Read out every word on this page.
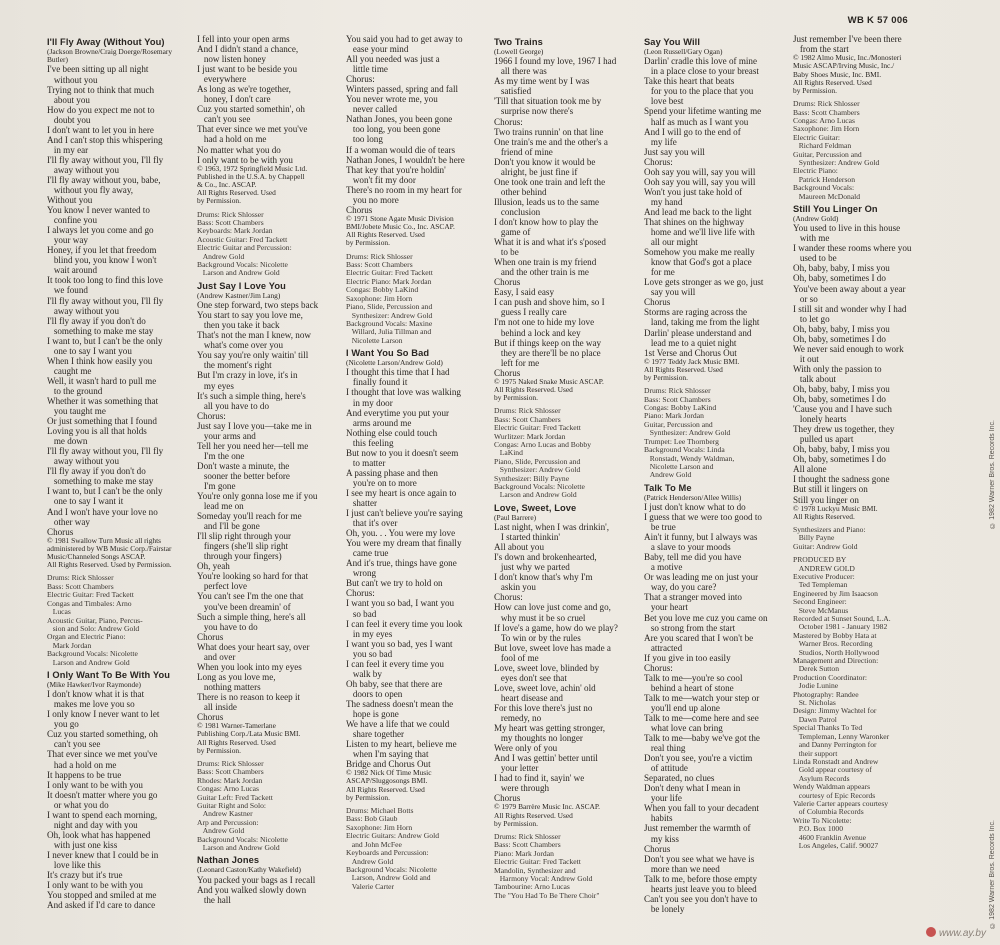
WB K 57 006
I'll Fly Away (Without You)
(Jackson Browne/Craig Doerge/Rosemary Butler)
I've been sitting up all night
without you
Trying not to think that much
about you
How do you expect me not to
doubt you
I don't want to let you in here
And I can't stop this whispering
in my ear
I'll fly away without you, I'll fly
away without you
I'll fly away without you, babe,
without you fly away,
Without you
You know I never wanted to
confine you
I always let you come and go
your way
Honey, if you let that freedom
blind you, you know I won't
wait around
It took too long to find this love
we found
I'll fly away without you, I'll fly
away without you
I'll fly away if you don't do
something to make me stay
I want to, but I can't be the only
one to say I want you
When I think how easily you
caught me
Well, it wasn't hard to pull me
to the ground
Whether it was something that
you taught me
Or just something that I found
Loving you is all that holds
me down
I'll fly away without you, I'll fly
away without you
I'll fly away if you don't do
something to make me stay
I want to, but I can't be the only
one to say I want it
And I won't have your love no
other way
Chorus
© 1981 Swallow Turn Music all rights administered by WB Music Corp./Fairstar Music/Channeled Songs ASCAP.
All Rights Reserved. Used by Permission.
Drums: Rick Shlosser
Bass: Scott Chambers
Electric Guitar: Fred Tackett
Congas and Timbales: Arno
Lucas
Acoustic Guitar, Piano, Percus-
sion and Solo: Andrew Gold
Organ and Electric Piano:
Mark Jordan
Background Vocals: Nicolette
Larson and Andrew Gold
I Only Want To Be With You
(Mike Hawker/Ivor Raymonde)
I don't know what it is that
makes me love you so
I only know I never want to let
you go
Cuz you started something, oh
can't you see
That ever since we met you've
had a hold on me
It happens to be true
I only want to be with you
It doesn't matter where you go
or what you do
I want to spend each morning,
night and day with you
Oh, look what has happened
with just one kiss
I never knew that I could be in
love like this
It's crazy but it's true
I only want to be with you
You stopped and smiled at me
And asked if I'd care to dance
I fell into your open arms
And I didn't stand a chance,
now listen honey
I just want to be beside you
everywhere
As long as we're together,
honey, I don't care
Cuz you started somethin', oh
can't you see
That ever since we met you've
had a hold on me
No matter what you do
I only want to be with you
© 1963, 1972 Springfield Music Ltd.
Published in the U.S.A. by Chappell
& Co., Inc. ASCAP.
All Rights Reserved. Used
by Permission.
Drums: Rick Shlosser
Bass: Scott Chambers
Keyboards: Mark Jordan
Acoustic Guitar: Fred Tackett
Electric Guitar and Percussion:
Andrew Gold
Background Vocals: Nicolette
Larson and Andrew Gold
Just Say I Love You
(Andrew Kastner/Jim Lang)
One step forward, two steps back
You start to say you love me,
then you take it back
That's not the man I knew, now
what's come over you
You say you're only waitin' till
the moment's right
But I'm crazy in love, it's in
my eyes
It's such a simple thing, here's
all you have to do
Chorus:
Just say I love you—take me in
your arms and
Tell her you need her—tell me
I'm the one
Don't waste a minute, the
sooner the better before
I'm gone
You're only gonna lose me if you
lead me on
Someday you'll reach for me
and I'll be gone
I'll slip right through your
fingers (she'll slip right
through your fingers)
Oh, yeah
You're looking so hard for that
perfect love
You can't see I'm the one that
you've been dreamin' of
Such a simple thing, here's all
you have to do
Chorus
What does your heart say, over
and over
When you look into my eyes
Long as you love me,
nothing matters
There is no reason to keep it
all inside
Chorus
© 1981 Warner-Tamerlane
Publishing Corp./Lata Music BMI.
All Rights Reserved. Used
by Permission.
Drums: Rick Shlosser
Bass: Scott Chambers
Rhodes: Mark Jordan
Congas: Arno Lucas
Guitar Left: Fred Tackett
Guitar Right and Solo:
Andrew Kastner
Arp and Percussion:
Andrew Gold
Background Vocals: Nicolette
Larson and Andrew Gold
Nathan Jones
(Leonard Caston/Kathy Wakefield)
You packed your bags as I recall
And you walked slowly down
the hall
You said you had to get away to
ease your mind
All you needed was just a
little time
Chorus:
Winters passed, spring and fall
You never wrote me, you
never called
Nathan Jones, you been gone
too long, you been gone
too long
If a woman would die of tears
Nathan Jones, I wouldn't be here
That key that you're holdin'
won't fit my door
There's no room in my heart for
you no more
Chorus
© 1971 Stone Agate Music Division
BMI/Jobete Music Co., Inc. ASCAP.
All Rights Reserved. Used
by Permission.
Drums: Rick Shlosser
Bass: Scott Chambers
Electric Guitar: Fred Tackett
Electric Piano: Mark Jordan
Congas: Bobby LaKind
Saxophone: Jim Horn
Piano, Slide, Percussion and
Synthesizer: Andrew Gold
Background Vocals: Maxine
Willard, Julia Tillman and
Nicolette Larson
I Want You So Bad
(Nicolette Larson/Andrew Gold)
I thought this time that I had
finally found it
I thought that love was walking
in my door
And everytime you put your
arms around me
Nothing else could touch
this feeling
But now to you it doesn't seem
to matter
A passing phase and then
you're on to more
I see my heart is once again to
shatter
I just can't believe you're saying
that it's over
Oh, you. . . You were my love
You were my dream that finally
came true
And it's true, things have gone
wrong
But can't we try to hold on
Chorus:
I want you so bad, I want you
so bad
I can feel it every time you look
in my eyes
I want you so bad, yes I want
you so bad
I can feel it every time you
walk by
Oh baby, see that there are
doors to open
The sadness doesn't mean the
hope is gone
We have a life that we could
share together
Listen to my heart, believe me
when I'm saying that
Bridge and Chorus Out
© 1982 Nick Of Time Music
ASCAP/Sluggosongs BMI.
All Rights Reserved. Used
by Permission.
Drums: Michael Botts
Bass: Bob Glaub
Saxophone: Jim Horn
Electric Guitars: Andrew Gold
and John McFee
Keyboards and Percussion:
Andrew Gold
Background Vocals: Nicolette
Larson, Andrew Gold and
Valerie Carter
Two Trains
(Lowell George)
1966 I found my love, 1967 I had
all there was
As my time went by I was
satisfied
'Till that situation took me by
surprise now there's
Chorus:
Two trains runnin' on that line
One train's me and the other's a
friend of mine
Don't you know it would be
alright, be just fine if
One took one train and left the
other behind
Illusion, leads us to the same
conclusion
I don't know how to play the
game of
What it is and what it's s'posed
to be
When one train is my friend
and the other train is me
Chorus
Easy, I said easy
I can push and shove him, so I
guess I really care
I'm not one to hide my love
behind a lock and key
But if things keep on the way
they are there'll be no place
left for me
Chorus
© 1975 Naked Snake Music ASCAP.
All Rights Reserved. Used
by Permission.
Drums: Rick Shlosser
Bass: Scott Chambers
Electric Guitar: Fred Tackett
Wurlitzer: Mark Jordan
Congas: Arno Lucas and Bobby
LaKind
Piano, Slide, Percussion and
Synthesizer: Andrew Gold
Synthesizer: Billy Payne
Background Vocals: Nicolette
Larson and Andrew Gold
Love, Sweet, Love
(Paul Barrere)
Last night, when I was drinkin',
I started thinkin'
All about you
I's down and brokenhearted,
just why we parted
I don't know that's why I'm
askin you
Chorus:
How can love just come and go,
why must it be so cruel
If love's a game, how do we play?
To win or by the rules
But love, sweet love has made a
fool of me
Love, sweet love, blinded by
eyes don't see that
Love, sweet love, achin' old
heart disease and
For this love there's just no
remedy, no
My heart was getting stronger,
my thoughts no longer
Were only of you
And I was gettin' better until
your letter
I had to find it, sayin' we
were through
Chorus
© 1979 Barrère Music Inc. ASCAP.
All Rights Reserved. Used
by Permission.
Drums: Rick Shlosser
Bass: Scott Chambers
Piano: Mark Jordan
Electric Guitar: Fred Tackett
Mandolin, Synthesizer and
Harmony Vocal: Andrew Gold
Tambourine: Arno Lucas
The "You Had To Be There Choir"
Say You Will
(Leon Russell/Gary Ogan)
Darlin' cradle this love of mine
in a place close to your breast
Take this heart that beats
for you to the place that you
love best
Spend your lifetime wanting me
half as much as I want you
And I will go to the end of
my life
Just say you will
Chorus:
Ooh say you will, say you will
Ooh say you will, say you will
Won't you just take hold of
my hand
And lead me back to the light
That shines on the highway
home and we'll live life with
all our might
Somehow you make me really
know that God's got a place
for me
Love gets stronger as we go, just
say you will
Chorus
Storms are raging across the
land, taking me from the light
Darlin' please understand and
lead me to a quiet night
1st Verse and Chorus Out
© 1977 Teddy Jack Music BMI.
All Rights Reserved. Used
by Permission.
Drums: Rick Shlosser
Bass: Scott Chambers
Congas: Bobby LaKind
Piano: Mark Jordan
Guitar, Percussion and
Synthesizer: Andrew Gold
Trumpet: Lee Thornberg
Background Vocals: Linda
Ronstadt, Wendy Waldman,
Nicolette Larson and
Andrew Gold
Talk To Me
(Patrick Henderson/Allee Willis)
I just don't know what to do
I guess that we were too good to
be true
Ain't it funny, but I always was
a slave to your moods
Baby, tell me did you have
a motive
Or was leading me on just your
way, do you care?
That a stranger moved into
your heart
Bet you love me cuz you came on
so strong from the start
Are you scared that I won't be
attracted
If you give in too easily
Chorus:
Talk to me—you're so cool
behind a heart of stone
Talk to me—watch your step or
you'll end up alone
Talk to me—come here and see
what love can bring
Talk to me—baby we've got the
real thing
Don't you see, you're a victim
of attitude
Separated, no clues
Don't deny what I mean in
your life
When you fall to your decadent
habits
Just remember the warmth of
my kiss
Chorus
Don't you see what we have is
more than we need
Talk to me, before those empty
hearts just leave you to bleed
Can't you see you don't have to
be lonely
Just remember I've been there
from the start
© 1982 Almo Music, Inc./Monosteri
Music ASCAP/Irving Music, Inc./
Baby Shoes Music, Inc. BMI.
All Rights Reserved. Used
by Permission.
Drums: Rick Shlosser
Bass: Scott Chambers
Congas: Arno Lucas
Saxophone: Jim Horn
Electric Guitar:
Richard Feldman
Guitar, Percussion and
Synthesizer: Andrew Gold
Electric Piano:
Patrick Henderson
Background Vocals:
Maureen McDonald
Still You Linger On
(Andrew Gold)
You used to live in this house
with me
I wander these rooms where you
used to be
Oh, baby, baby, I miss you
Oh, baby, sometimes I do
You've been away about a year
or so
I still sit and wonder why I had
to let go
Oh, baby, baby, I miss you
Oh, baby, sometimes I do
We never said enough to work
it out
With only the passion to
talk about
Oh, baby, baby, I miss you
Oh, baby, sometimes I do
'Cause you and I have such
lonely hearts
They drew us together, they
pulled us apart
Oh, baby, baby, I miss you
Oh, baby, sometimes I do
All alone
I thought the sadness gone
But still it lingers on
Still you linger on
© 1978 Luckyu Music BMI.
All Rights Reserved.
Synthesizers and Piano:
Billy Payne
Guitar: Andrew Gold
PRODUCED BY
ANDREW GOLD
Executive Producer:
Ted Templeman
Engineered by Jim Isaacson
Second Engineer:
Steve McManus
Recorded at Sunset Sound, L.A.
October 1981 - January 1982
Mastered by Bobby Hata at
Warner Bros. Recording
Studios, North Hollywood
Management and Direction:
Derek Sutton
Production Coordinator:
Jodie Lunine
Photography: Randee
St. Nicholas
Design: Jimmy Wachtel for
Dawn Patrol
Special Thanks To Ted
Templeman, Lenny Waronker
and Danny Perrington for
their support
Linda Ronstadt and Andrew
Gold appear courtesy of
Asylum Records
Wendy Waldman appears
courtesy of Epic Records
Valerie Carter appears courtesy
of Columbia Records
Write To Nicolette:
P.O. Box 1000
4600 Franklin Avenue
Los Angeles, Calif. 90027
© 1982 Warner Bros. Records Inc.
© 1982 Warner Bros. Records Inc.
www.ay.by
